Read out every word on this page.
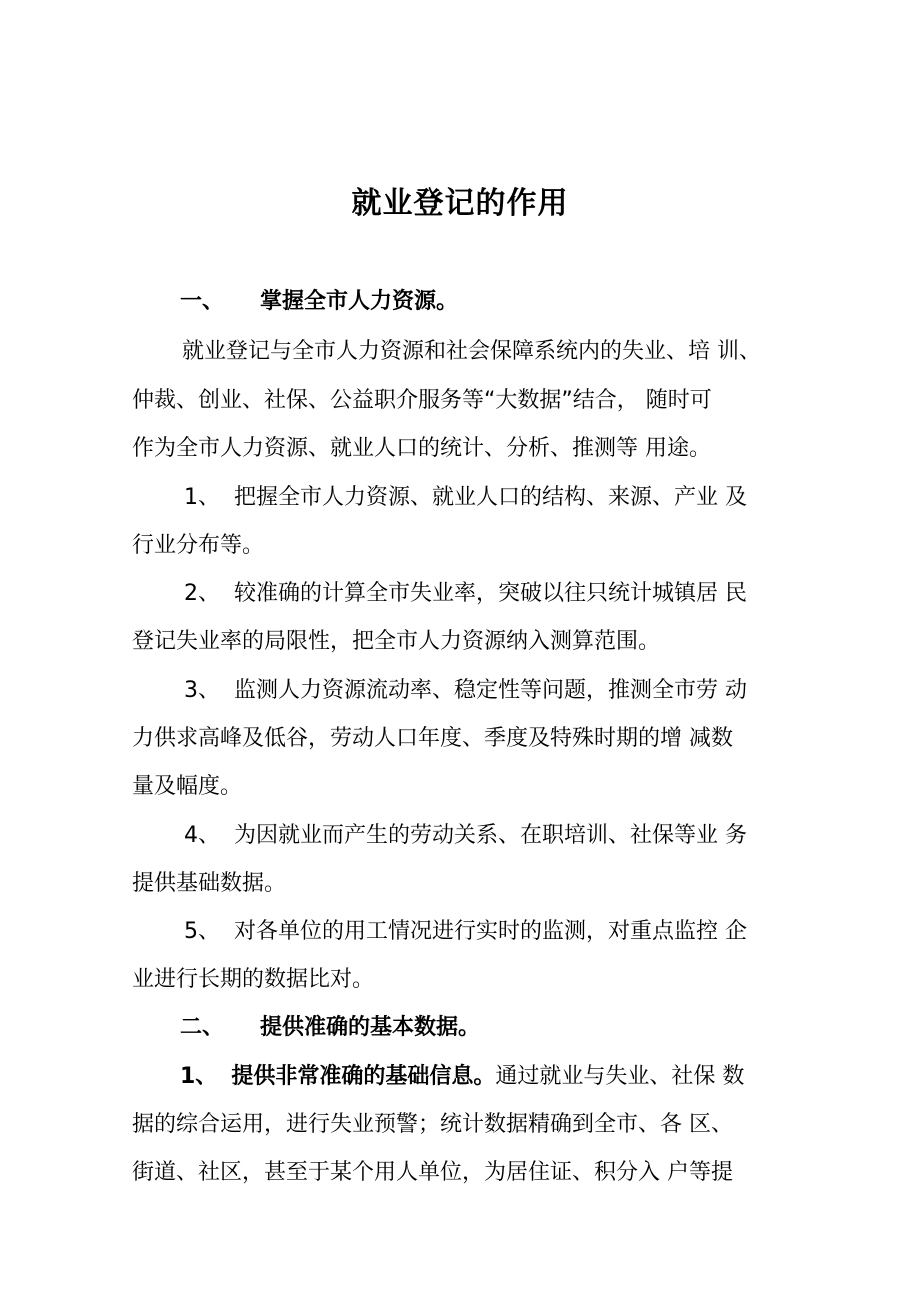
就业登记的作用
一、 掌握全市人力资源。
就业登记与全市人力资源和社会保障系统内的失业、培 训、
仲裁、创业、社保、公益职介服务等“大数据”结合， 随时可
作为全市人力资源、就业人口的统计、分析、推测等 用途。
1、 把握全市人力资源、就业人口的结构、来源、产业 及
行业分布等。
2、 较准确的计算全市失业率，突破以往只统计城镇居 民
登记失业率的局限性，把全市人力资源纳入测算范围。
3、 监测人力资源流动率、稳定性等问题，推测全市劳 动
力供求高峰及低谷，劳动人口年度、季度及特殊时期的增 减数
量及幅度。
4、 为因就业而产生的劳动关系、在职培训、社保等业 务
提供基础数据。
5、 对各单位的用工情况进行实时的监测，对重点监控 企
业进行长期的数据比对。
二、 提供准确的基本数据。
1、 提供非常准确的基础信息。通过就业与失业、社保 数
据的综合运用，进行失业预警；统计数据精确到全市、各 区、
街道、社区，甚至于某个用人单位，为居住证、积分入 户等提
